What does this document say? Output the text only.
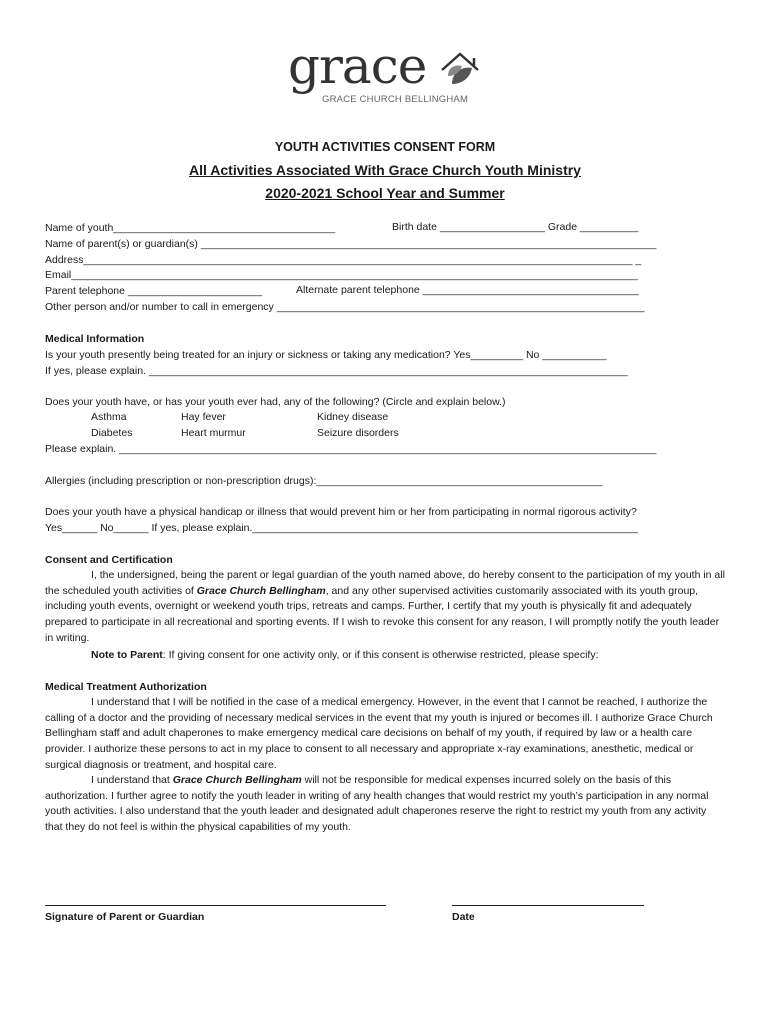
grace
GRACE CHURCH BELLINGHAM
YOUTH ACTIVITIES CONSENT FORM
All Activities Associated With Grace Church Youth Ministry
2020-2021 School Year and Summer
Name of youth______________________________________	Birth date __________________ Grade __________
Name of parent(s) or guardian(s) ______________________________________________________________________________
Address______________________________________________________________________________________________ _
Email_________________________________________________________________________________________________
Parent telephone _______________________	Alternate parent telephone _____________________________________
Other person and/or number to call in emergency _______________________________________________________________
Medical Information
Is your youth presently being treated for an injury or sickness or taking any medication? Yes_________ No ___________
If yes, please explain. __________________________________________________________________________________
Does your youth have, or has your youth ever had, any of the following? (Circle and explain below.)
Asthma	Hay fever	Kidney disease
Diabetes	Heart murmur	Seizure disorders
Please explain. ____________________________________________________________________________________________
Allergies (including prescription or non-prescription drugs):_________________________________________________
Does your youth have a physical handicap or illness that would prevent him or her from participating in normal rigorous activity?
Yes______ No______ If yes, please explain.__________________________________________________________________
Consent and Certification
I, the undersigned, being the parent or legal guardian of the youth named above, do hereby consent to the participation of my youth in all the scheduled youth activities of Grace Church Bellingham, and any other supervised activities customarily associated with its youth group, including youth events, overnight or weekend youth trips, retreats and camps. Further, I certify that my youth is physically fit and adequately prepared to participate in all recreational and sporting events. If I wish to revoke this consent for any reason, I will promptly notify the youth leader in writing.
Note to Parent: If giving consent for one activity only, or if this consent is otherwise restricted, please specify:
Medical Treatment Authorization
I understand that I will be notified in the case of a medical emergency. However, in the event that I cannot be reached, I authorize the calling of a doctor and the providing of necessary medical services in the event that my youth is injured or becomes ill. I authorize Grace Church Bellingham staff and adult chaperones to make emergency medical care decisions on behalf of my youth, if required by law or a health care provider. I authorize these persons to act in my place to consent to all necessary and appropriate x-ray examinations, anesthetic, medical or surgical diagnosis or treatment, and hospital care.
I understand that Grace Church Bellingham will not be responsible for medical expenses incurred solely on the basis of this authorization. I further agree to notify the youth leader in writing of any health changes that would restrict my youth’s participation in any normal youth activities. I also understand that the youth leader and designated adult chaperones reserve the right to restrict my youth from any activity that they do not feel is within the physical capabilities of my youth.
Signature of Parent or Guardian	Date
